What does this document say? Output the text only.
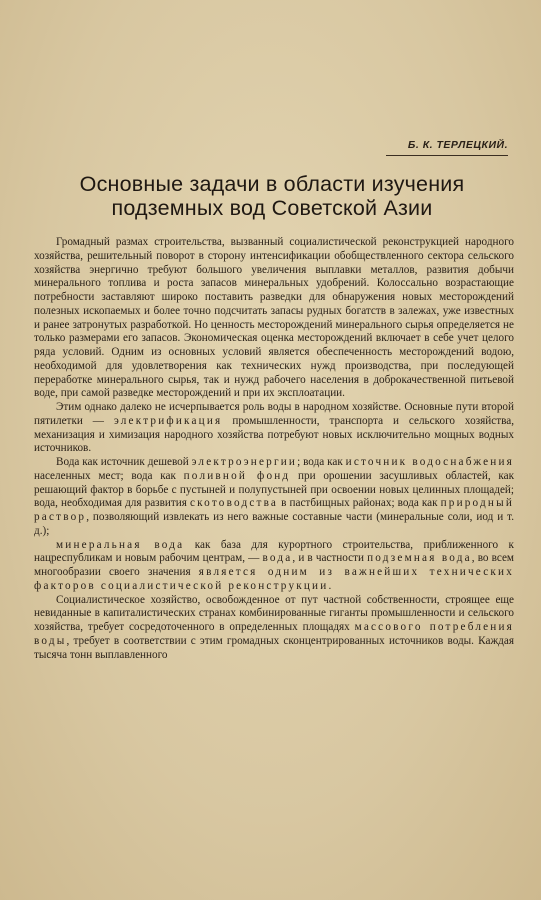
Б. К. ТЕРЛЕЦКИЙ.
Основные задачи в области изучения подземных вод Советской Азии

Громадный размах строительства, вызванный социалистической реконструкцией народного хозяйства, решительный поворот в сторону интенсификации обобществленного сектора сельского хозяйства энергично требуют большого увеличения выплавки металлов, развития добычи минерального топлива и роста запасов минеральных удобрений. Колоссально возрастающие потребности заставляют широко поставить разведки для обнаружения новых месторождений полезных ископаемых и более точно подсчитать запасы рудных богатств в залежах, уже известных и ранее затронутых разработкой. Но ценность месторождений минерального сырья определяется не только размерами его запасов. Экономическая оценка месторождений включает в себе учет целого ряда условий. Одним из основных условий является обеспеченность месторождений водою, необходимой для удовлетворения как технических нужд производства, при последующей переработке минерального сырья, так и нужд рабочего населения в доброкачественной питьевой воде, при самой разведке месторождений и при их эксплоатации.

Этим однако далеко не исчерпывается роль воды в народном хозяйстве. Основные пути второй пятилетки — электрификация промышленности, транспорта и сельского хозяйства, механизация и химизация народного хозяйства потребуют новых исключительно мощных водных источников.

Вода как источник дешевой электроэнергии; вода как источник водоснабжения населенных мест; вода как поливной фонд при орошении засушливых областей, как решающий фактор в борьбе с пустыней и полупустыней при освоении новых целинных площадей; вода, необходимая для развития скотоводства в пастбищных районах; вода как природный раствор, позволяющий извлекать из него важные составные части (минеральные соли, иод и т. д.);

минеральная вода как база для курортного строительства, приближенного к нацреспубликам и новым рабочим центрам, — вода, и в частности подземная вода, во всем многообразии своего значения является одним из важнейших технических факторов социалистической реконструкции.

Социалистическое хозяйство, освобожденное от пут частной собственности, строящее еще невиданные в капиталистических странах комбинированные гиганты промышленности и сельского хозяйства, требует сосредоточенного в определенных площадях массового потребления воды, требует в соответствии с этим громадных сконцентрированных источников воды. Каждая тысяча тонн выплавленного
